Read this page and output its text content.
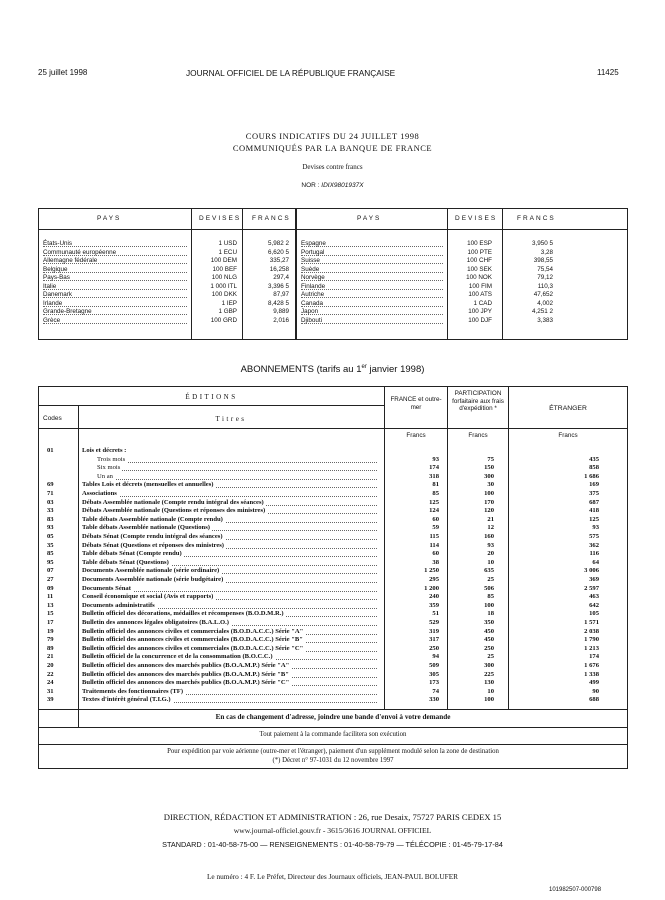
25 juillet 1998	JOURNAL OFFICIEL DE LA RÉPUBLIQUE FRANÇAISE	11425
COURS INDICATIFS DU 24 JUILLET 1998
COMMUNIQUÉS PAR LA BANQUE DE FRANCE
Devises contre francs
NOR : IDIX9801937X
PAYS	DEVISES FRANCS	PAYS	DEVISES	FRANCS
États-Unis	1 USD	5,982 2 Espagne	100 ESP	3,950 5
Communauté européenne	1 ECU	6,620 5 Portugal	100 PTE	3,28
Allemagne fédérale	100 DEM	335,27 Suisse	100 CHF	398,55
Belgique	100 BEF	16,258 Suède	100 SEK	75,54
Pays-Bas	100 NLG	297,4 Norvège	100 NOK	79,12
Italie	1 000 ITL	3,396 5 Finlande	100 FIM	110,3
Danemark	100 DKK	87,97 Autriche	100 ATS	47,652
Irlande	1 IEP	8,428 5 Canada	1 CAD	4,002
Grande-Bretagne	1 GBP	9,889 Japon	100 JPY	4,251 2
Grèce	100 GRD	2,016 Djibouti	100 DJF	3,383
ABONNEMENTS (tarifs au 1er janvier 1998)
ÉDITIONS
Codes	Titres
FRANCE et outre-mer
PARTICIPATION forfaitaire aux frais d'expédition *	ÉTRANGER
Francs	Francs	Francs
01	Lois et décrets :
Trois mois	93	75	435
Six mois	174	150	858
Un an	318	300	1 686
69	Tables Lois et décrets (mensuelles et annuelles)	81	30	169
71	Associations	85	100	375
03	Débats Assemblée nationale (Compte rendu intégral des séances)	125	170	687
33	Débats Assemblée nationale (Questions et réponses des ministres)	124	120	418
83	Table débats Assemblée nationale (Compte rendu)	60	21	125
93	Table débats Assemblée nationale (Questions)	59	12	93
05	Débats Sénat (Compte rendu intégral des séances)	115	160	575
35	Débats Sénat (Questions et réponses des ministres)	114	93	362
85	Table débats Sénat (Compte rendu)	60	20	116
95	Table débats Sénat (Questions)	38	10	64
07	Documents Assemblée nationale (série ordinaire)	1 250	635	3 006
27	Documents Assemblée nationale (série budgétaire)	295	25	369
09	Documents Sénat	1 200	506	2 597
11	Conseil économique et social (Avis et rapports)	240	85	463
13	Documents administratifs	359	100	642
15	Bulletin officiel des décorations, médailles et récompenses (B.O.D.M.R.)	51	18	105
17	Bulletin des annonces légales obligatoires (B.A.L.O.)	529	350	1 571
19	Bulletin officiel des annonces civiles et commerciales (B.O.D.A.C.C.) Série "A"	319	450	2 038
79	Bulletin officiel des annonces civiles et commerciales (B.O.D.A.C.C.) Série "B"	317	450	1 790
89	Bulletin officiel des annonces civiles et commerciales (B.O.D.A.C.C.) Série "C"	250	250	1 213
21	Bulletin officiel de la concurrence et de la consommation (B.O.C.C.)	94	25	174
20	Bulletin officiel des annonces des marchés publics (B.O.A.M.P.) Série "A"	509	300	1 676
22	Bulletin officiel des annonces des marchés publics (B.O.A.M.P.) Série "B"	305	225	1 338
24	Bulletin officiel des annonces des marchés publics (B.O.A.M.P.) Série "C"	173	130	499
31	Traitements des fonctionnaires (TF)	74	10	90
39	Textes d'intérêt général (T.I.G.)	330	100	688
En cas de changement d'adresse, joindre une bande d'envoi à votre demande
Tout paiement à la commande facilitera son exécution
Pour expédition par voie aérienne (outre-mer et l'étranger), paiement d'un supplément modulé selon la zone de destination
(*) Décret n° 97-1031 du 12 novembre 1997
DIRECTION, RÉDACTION ET ADMINISTRATION : 26, rue Desaix, 75727 PARIS CEDEX 15
www.journal-officiel.gouv.fr - 3615/3616 JOURNAL OFFICIEL
STANDARD : 01-40-58-75-00 — RENSEIGNEMENTS : 01-40-58-79-79 — TÉLÉCOPIE : 01-45-79-17-84
Le numéro : 4 F. Le Préfet, Directeur des Journaux officiels, JEAN-PAUL BOLUFER
101982507-000798
